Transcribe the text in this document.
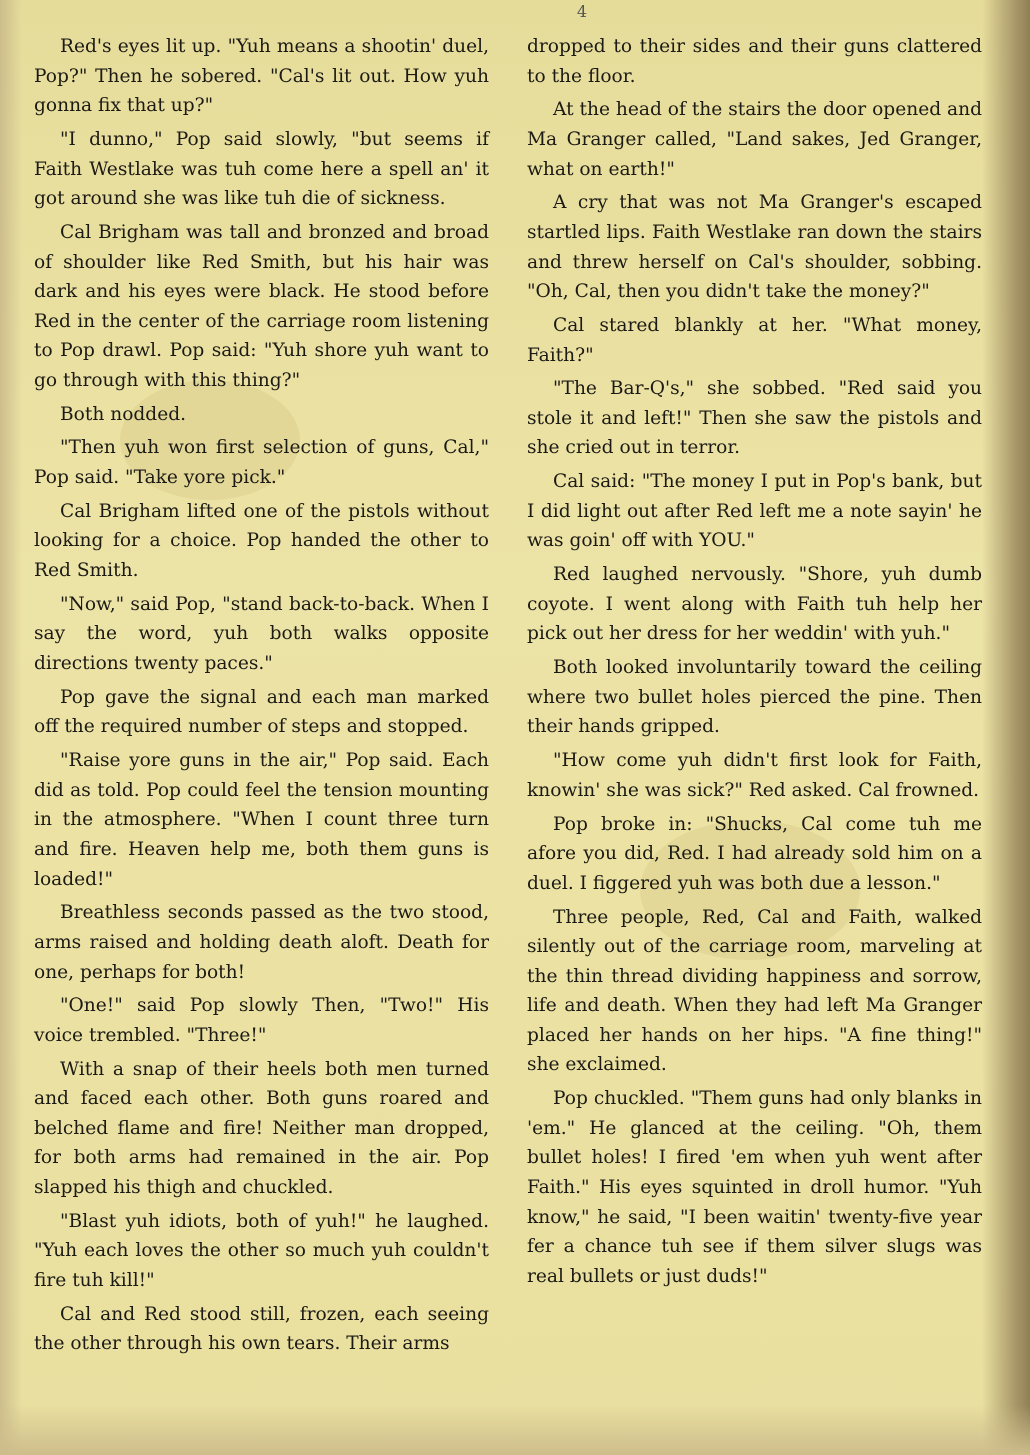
4

Red's eyes lit up. "Yuh means a shootin' duel, Pop?" Then he sobered. "Cal's lit out. How yuh gonna fix that up?"

"I dunno," Pop said slowly, "but seems if Faith Westlake was tuh come here a spell an' it got around she was like tuh die of sickness.

Cal Brigham was tall and bronzed and broad of shoulder like Red Smith, but his hair was dark and his eyes were black. He stood before Red in the center of the carriage room listening to Pop drawl. Pop said: "Yuh shore yuh want to go through with this thing?"

Both nodded.

"Then yuh won first selection of guns, Cal," Pop said. "Take yore pick."

Cal Brigham lifted one of the pistols without looking for a choice. Pop handed the other to Red Smith.

"Now," said Pop, "stand back-to-back. When I say the word, yuh both walks opposite directions twenty paces."

Pop gave the signal and each man marked off the required number of steps and stopped.

"Raise yore guns in the air," Pop said. Each did as told. Pop could feel the tension mounting in the atmosphere. "When I count three turn and fire. Heaven help me, both them guns is loaded!"

Breathless seconds passed as the two stood, arms raised and holding death aloft. Death for one, perhaps for both!

"One!" said Pop slowly Then, "Two!" His voice trembled. "Three!"

With a snap of their heels both men turned and faced each other. Both guns roared and belched flame and fire! Neither man dropped, for both arms had remained in the air. Pop slapped his thigh and chuckled.

"Blast yuh idiots, both of yuh!" he laughed. "Yuh each loves the other so much yuh couldn't fire tuh kill!"

Cal and Red stood still, frozen, each seeing the other through his own tears. Their arms

dropped to their sides and their guns clattered to the floor.

At the head of the stairs the door opened and Ma Granger called, "Land sakes, Jed Granger, what on earth!"

A cry that was not Ma Granger's escaped startled lips. Faith Westlake ran down the stairs and threw herself on Cal's shoulder, sobbing. "Oh, Cal, then you didn't take the money?"

Cal stared blankly at her. "What money, Faith?"

"The Bar-Q's," she sobbed. "Red said you stole it and left!" Then she saw the pistols and she cried out in terror.

Cal said: "The money I put in Pop's bank, but I did light out after Red left me a note sayin' he was goin' off with YOU."

Red laughed nervously. "Shore, yuh dumb coyote. I went along with Faith tuh help her pick out her dress for her weddin' with yuh."

Both looked involuntarily toward the ceiling where two bullet holes pierced the pine. Then their hands gripped.

"How come yuh didn't first look for Faith, knowin' she was sick?" Red asked. Cal frowned.

Pop broke in: "Shucks, Cal come tuh me afore you did, Red. I had already sold him on a duel. I figgered yuh was both due a lesson."

Three people, Red, Cal and Faith, walked silently out of the carriage room, marveling at the thin thread dividing happiness and sorrow, life and death. When they had left Ma Granger placed her hands on her hips. "A fine thing!" she exclaimed.

Pop chuckled. "Them guns had only blanks in 'em." He glanced at the ceiling. "Oh, them bullet holes! I fired 'em when yuh went after Faith." His eyes squinted in droll humor. "Yuh know," he said, "I been waitin' twenty-five year fer a chance tuh see if them silver slugs was real bullets or just duds!"
